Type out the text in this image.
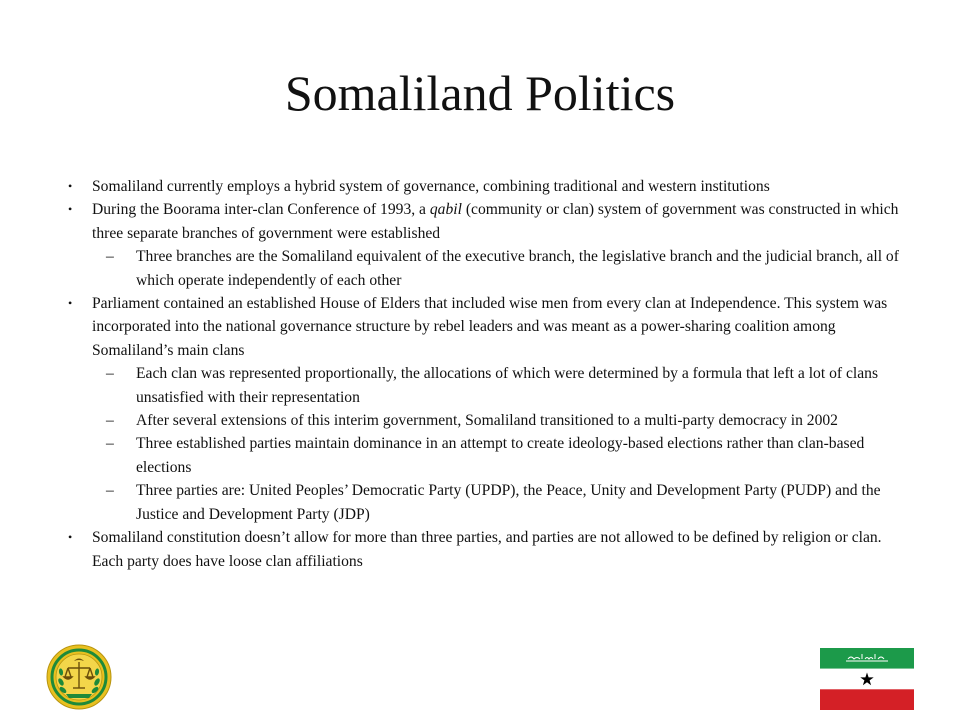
Somaliland Politics
• Somaliland currently employs a hybrid system of governance, combining traditional and western institutions
• During the Boorama inter-clan Conference of 1993, a qabil (community or clan) system of government was constructed in which three separate branches of government were established
– Three branches are the Somaliland equivalent of the executive branch, the legislative branch and the judicial branch, all of which operate independently of each other
• Parliament contained an established House of Elders that included wise men from every clan at Independence. This system was incorporated into the national governance structure by rebel leaders and was meant as a power-sharing coalition among Somaliland’s main clans
– Each clan was represented proportionally, the allocations of which were determined by a formula that left a lot of clans unsatisfied with their representation
– After several extensions of this interim government, Somaliland transitioned to a multi-party democracy in 2002
– Three established parties maintain dominance in an attempt to create ideology-based elections rather than clan-based elections
– Three parties are: United Peoples’ Democratic Party (UPDP), the Peace, Unity and Development Party (PUDP) and the Justice and Development Party (JDP)
• Somaliland constitution doesn’t allow for more than three parties, and parties are not allowed to be defined by religion or clan. Each party does have loose clan affiliations
